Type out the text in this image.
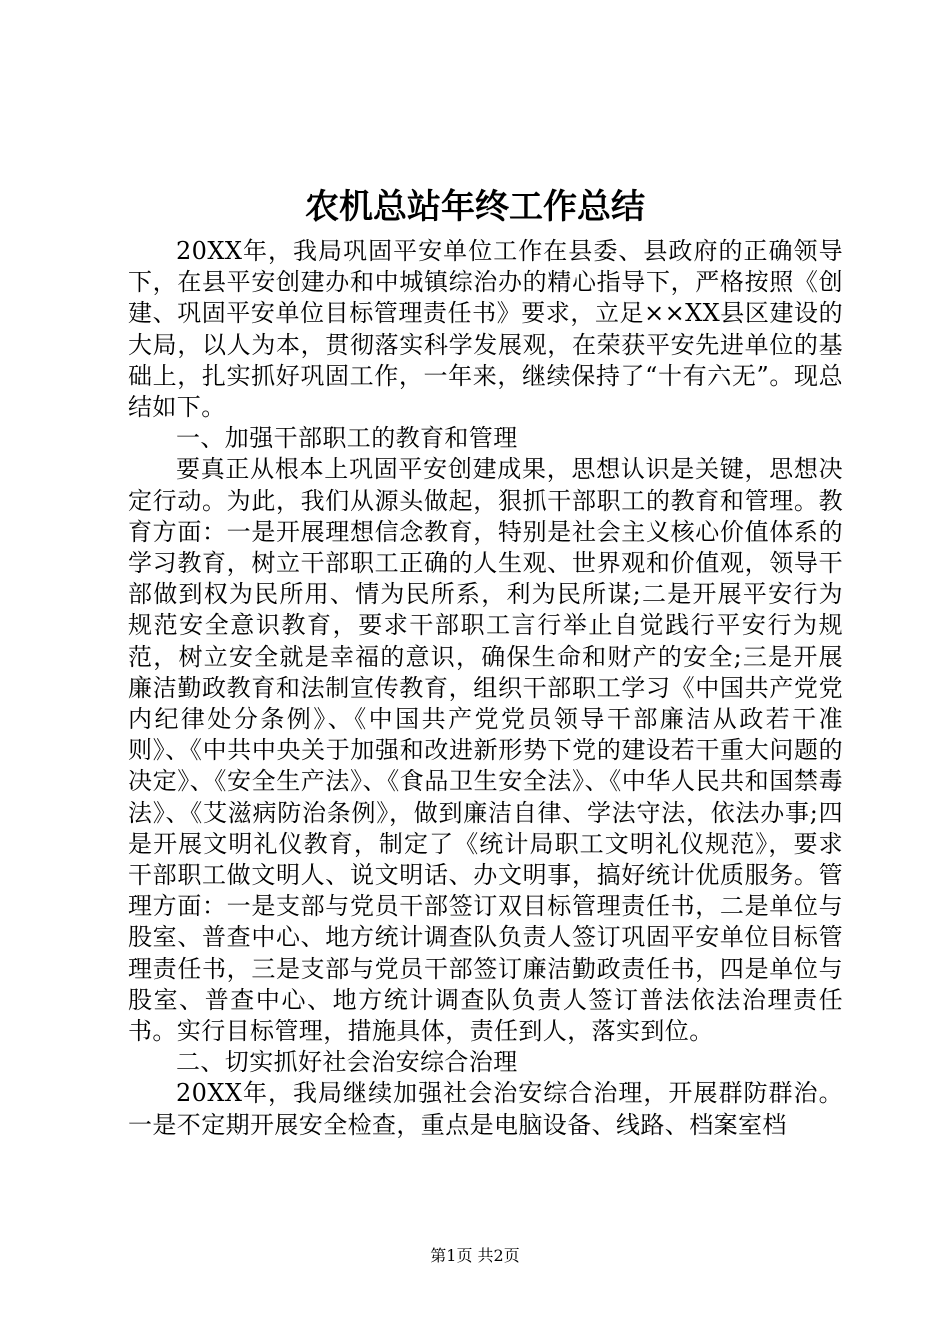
农机总站年终工作总结

20XX年，我局巩固平安单位工作在县委、县政府的正确领导下，在县平安创建办和中城镇综治办的精心指导下，严格按照《创建、巩固平安单位目标管理责任书》要求，立足××XX县区建设的大局，以人为本，贯彻落实科学发展观，在荣获平安先进单位的基础上，扎实抓好巩固工作，一年来，继续保持了“十有六无”。现总结如下。

一、加强干部职工的教育和管理

要真正从根本上巩固平安创建成果，思想认识是关键，思想决定行动。为此，我们从源头做起，狠抓干部职工的教育和管理。教育方面：一是开展理想信念教育，特别是社会主义核心价值体系的学习教育，树立干部职工正确的人生观、世界观和价值观，领导干部做到权为民所用、情为民所系，利为民所谋;二是开展平安行为规范安全意识教育，要求干部职工言行举止自觉践行平安行为规范，树立安全就是幸福的意识，确保生命和财产的安全;三是开展廉洁勤政教育和法制宣传教育，组织干部职工学习《中国共产党党内纪律处分条例》、《中国共产党党员领导干部廉洁从政若干准则》、《中共中央关于加强和改进新形势下党的建设若干重大问题的决定》、《安全生产法》、《食品卫生安全法》、《中华人民共和国禁毒法》、《艾滋病防治条例》，做到廉洁自律、学法守法，依法办事;四是开展文明礼仪教育，制定了《统计局职工文明礼仪规范》，要求干部职工做文明人、说文明话、办文明事，搞好统计优质服务。管理方面：一是支部与党员干部签订双目标管理责任书，二是单位与股室、普查中心、地方统计调查队负责人签订巩固平安单位目标管理责任书，三是支部与党员干部签订廉洁勤政责任书，四是单位与股室、普查中心、地方统计调查队负责人签订普法依法治理责任书。实行目标管理，措施具体，责任到人，落实到位。

二、切实抓好社会治安综合治理

20XX年，我局继续加强社会治安综合治理，开展群防群治。一是不定期开展安全检查，重点是电脑设备、线路、档案室档

第1页 共2页
